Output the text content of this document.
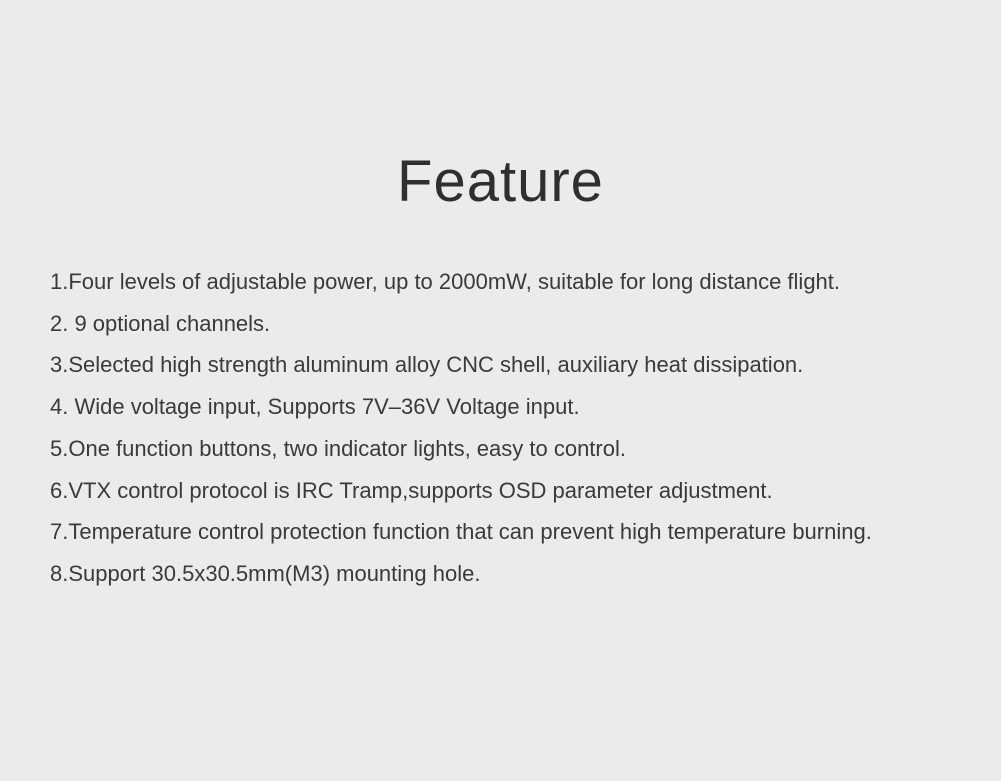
Feature
1.Four levels of adjustable power, up to 2000mW, suitable for long distance flight.
2. 9 optional channels.
3.Selected high strength aluminum alloy CNC shell, auxiliary heat dissipation.
4. Wide voltage input, Supports 7V–36V Voltage input.
5.One function buttons, two indicator lights, easy to control.
6.VTX control protocol is IRC Tramp,supports OSD parameter adjustment.
7.Temperature control protection function that can prevent high temperature burning.
8.Support 30.5x30.5mm(M3) mounting hole.
